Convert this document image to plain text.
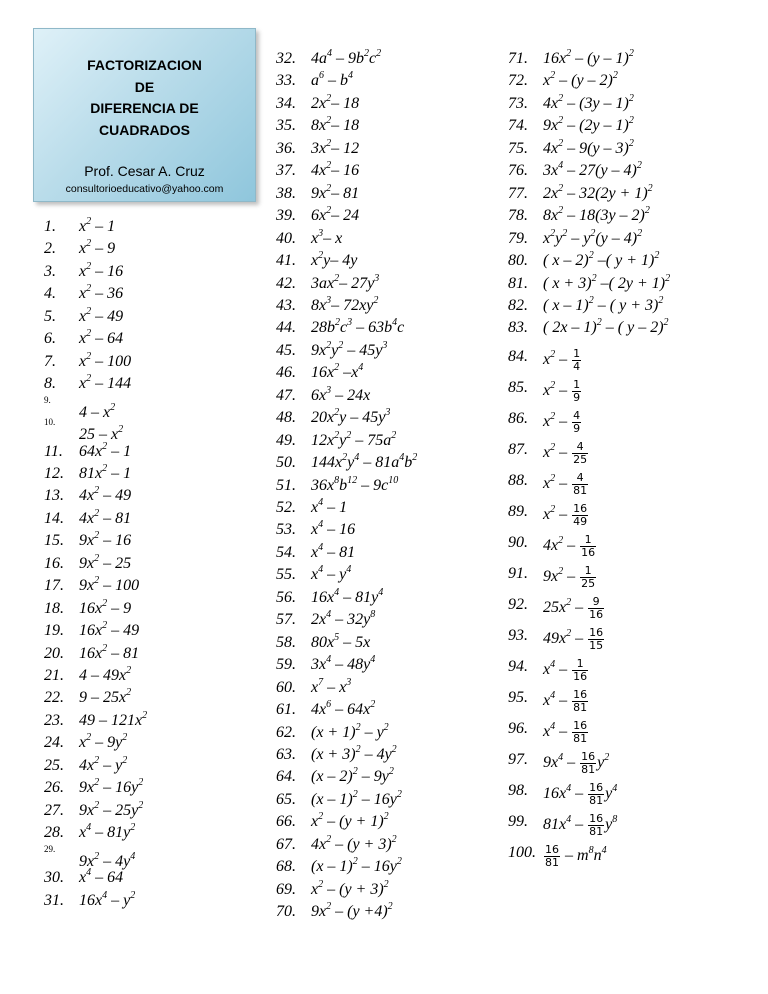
FACTORIZACION
DE
DIFERENCIA DE
CUADRADOS
Prof. Cesar A. Cruz
consultorioeducativo@yahoo.com
1. $x^2 - 1$
2. $x^2 - 9$
3. $x^2 - 16$
4. $x^2 - 36$
5. $x^2 - 49$
6. $x^2 - 64$
7. $x^2 - 100$
8. $x^2 - 144$
9.
$4 - x^2$
10.
$25 - x^2$
11. $64x^2 - 1$
12. $81x^2 - 1$
13. $4x^2 - 49$
14. $4x^2 - 81$
15. $9x^2 - 16$
16. $9x^2 - 25$
17. $9x^2 - 100$
18. $16x^2 - 9$
19. $16x^2 - 49$
20. $16x^2 - 81$
21. $4 - 49x^2$
22. $9 - 25x^2$
23. $49 - 121x^2$
24. $x^2 - 9y^2$
25. $4x^2 - y^2$
26. $9x^2 - 16y^2$
27. $9x^2 - 25y^2$
28. $x^4 - 81y^2$
29.
$9x^2 - 4y^4$
30. $x^4 - 64$
31. $16x^4 - y^2$
32. $4a^4 - 9b^2c^2$
33. $a^6 - b^4$
34. $2x^2-$ 18
35. $8x^2-$ 18
36. $3x^2-$ 12
37. $4x^2-$ 16
38. $9x^2-$ 81
39. $6x^2-$ 24
40. $x^3-$ x
41. $x^2y-$ 4y
42. $3ax^2-$ $27y^3$
43. $8x^3-$ $72xy^2$
44. $28b^2c^3 - 63b^4c$
45. $9x^2y^2 - 45y^3$
46. $16x^2$ $-x^4$
47. $6x^3 - 24x$
48. $20x^2y - 45y^3$
49. $12x^2y^2 - 75a^2$
50. $144x^2y^4 - 81a^4b^2$
51. $36x^8b^{12} - 9c^{10}$
52. $x^4 - 1$
53. $x^4 - 16$
54. $x^4 - 81$
55. $x^4 - y^4$
56. $16x^4 - 81y^4$
57. $2x^4 - 32y^8$
58. $80x^5 - 5x$
59. $3x^4 - 48y^4$
60. $x^7 - x^3$
61. $4x^6 - 64x^2$
62. $(x + 1)^2 - y^2$
63. $(x + 3)^2 - 4y^2$
64. $(x - 2)^2 - 9y^2$
65. $(x - 1)^2 - 16y^2$
66. $x^2 - (y + 1)^2$
67. $4x^2 - (y + 3)^2$
68. $(x - 1)^2 - 16y^2$
69. $x^2 - (y + 3)^2$
70. $9x^2 - (y +4)^2$
71. $16x^2 - (y - 1)^2$
72. $x^2 - (y - 2)^2$
73. $4x^2 - (3y - 1)^2$
74. $9x^2 - (2y - 1)^2$
75. $4x^2 - 9(y - 3)^2$
76. $3x^4 - 27(y - 4)^2$
77. $2x^2 - 32(2y + 1)^2$
78. $8x^2 - 18(3y - 2)^2$
79. $x^2y^2 - y^2(y - 4)^2$
80. ( x – 2)$^2$ –( y + 1)$^2$
81. ( x + 3)$^2$ –( 2y + 1)$^2$
82. ( x – 1)$^2$ – ( y + 3)$^2$
83. ( 2x – 1)$^2$ – ( y – 2)$^2$
84. $x^2 - \frac{1}{4}$
85. $x^2 - \frac{1}{9}$
86. $x^2 - \frac{4}{9}$
87. $x^2 - \frac{4}{25}$
88. $x^2 - \frac{4}{81}$
89. $x^2 - \frac{16}{49}$
90. $4x^2 - \frac{1}{16}$
91. $9x^2 - \frac{1}{25}$
92. $25x^2 - \frac{9}{16}$
93. $49x^2 - \frac{16}{15}$
94. $x^4 - \frac{1}{16}$
95. $x^4 - \frac{16}{81}$
96. $x^4 - \frac{16}{81}$
97. $9x^4 - \frac{16}{81} y^2$
98. $16x^4 - \frac{16}{81} y^4$
99. $81x^4 - \frac{16}{81} y^8$
100. $\frac{16}{81} - m^8n^4$
